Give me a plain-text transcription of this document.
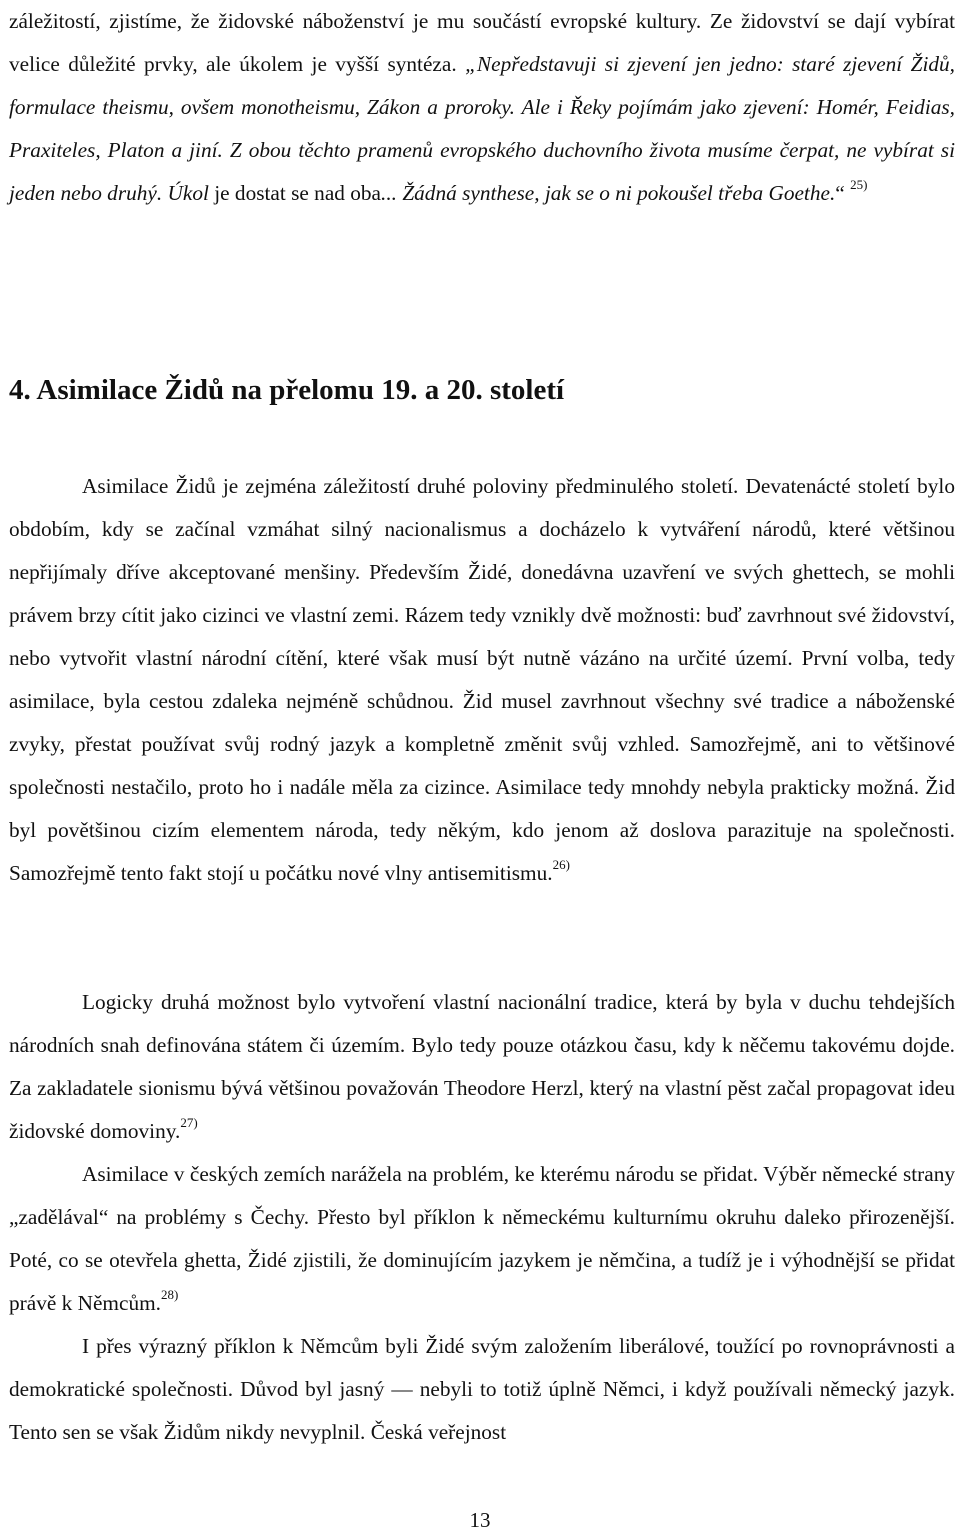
záležitostí, zjistíme, že židovské náboženství je mu součástí evropské kultury. Ze židovství se dají vybírat velice důležité prvky, ale úkolem je vyšší syntéza. „Nepředstavuji si zjevení jen jedno: staré zjevení Židů, formulace theismu, ovšem monotheismu, Zákon a proroky. Ale i Řeky pojímám jako zjevení: Homér, Feidias, Praxiteles, Platon a jiní. Z obou těchto pramenů evropského duchovního života musíme čerpat, ne vybírat si jeden nebo druhý. Úkol je dostat se nad oba... Žádná synthese, jak se o ni pokoušel třeba Goethe.“ $^{25)}$

4. Asimilace Židů na přelomu 19. a 20. století

Asimilace Židů je zejména záležitostí druhé poloviny předminulého století. Devatenácté století bylo obdobím, kdy se začínal vzmáhat silný nacionalismus a docházelo k vytváření národů, které většinou nepřijímaly dříve akceptované menšiny. Především Židé, donedávna uzavření ve svých ghettech, se mohli právem brzy cítit jako cizinci ve vlastní zemi. Rázem tedy vznikly dvě možnosti: buď zavrhnout své židovství, nebo vytvořit vlastní národní cítění, které však musí být nutně vázáno na určité území. První volba, tedy asimilace, byla cestou zdaleka nejméně schůdnou. Žid musel zavrhnout všechny své tradice a náboženské zvyky, přestat používat svůj rodný jazyk a kompletně změnit svůj vzhled. Samozřejmě, ani to většinové společnosti nestačilo, proto ho i nadále měla za cizince. Asimilace tedy mnohdy nebyla prakticky možná. Žid byl povětšinou cizím elementem národa, tedy někým, kdo jenom až doslova parazituje na společnosti. Samozřejmě tento fakt stojí u počátku nové vlny antisemitismu.$^{26)}$

Logicky druhá možnost bylo vytvoření vlastní nacionální tradice, která by byla v duchu tehdejších národních snah definována státem či územím. Bylo tedy pouze otázkou času, kdy k něčemu takovému dojde. Za zakladatele sionismu bývá většinou považován Theodore Herzl, který na vlastní pěst začal propagovat ideu židovské domoviny.$^{27)}$

Asimilace v českých zemích narážela na problém, ke kterému národu se přidat. Výběr německé strany „zadělával“ na problémy s Čechy. Přesto byl příklon k německému kulturnímu okruhu daleko přirozenější. Poté, co se otevřela ghetta, Židé zjistili, že dominujícím jazykem je němčina, a tudíž je i výhodnější se přidat právě k Němcům.$^{28)}$

I přes výrazný příklon k Němcům byli Židé svým založením liberálové, toužící po rovnoprávnosti a demokratické společnosti. Důvod byl jasný — nebyli to totiž úplně Němci, i když používali německý jazyk. Tento sen se však Židům nikdy nevyplnil. Česká veřejnost

13
